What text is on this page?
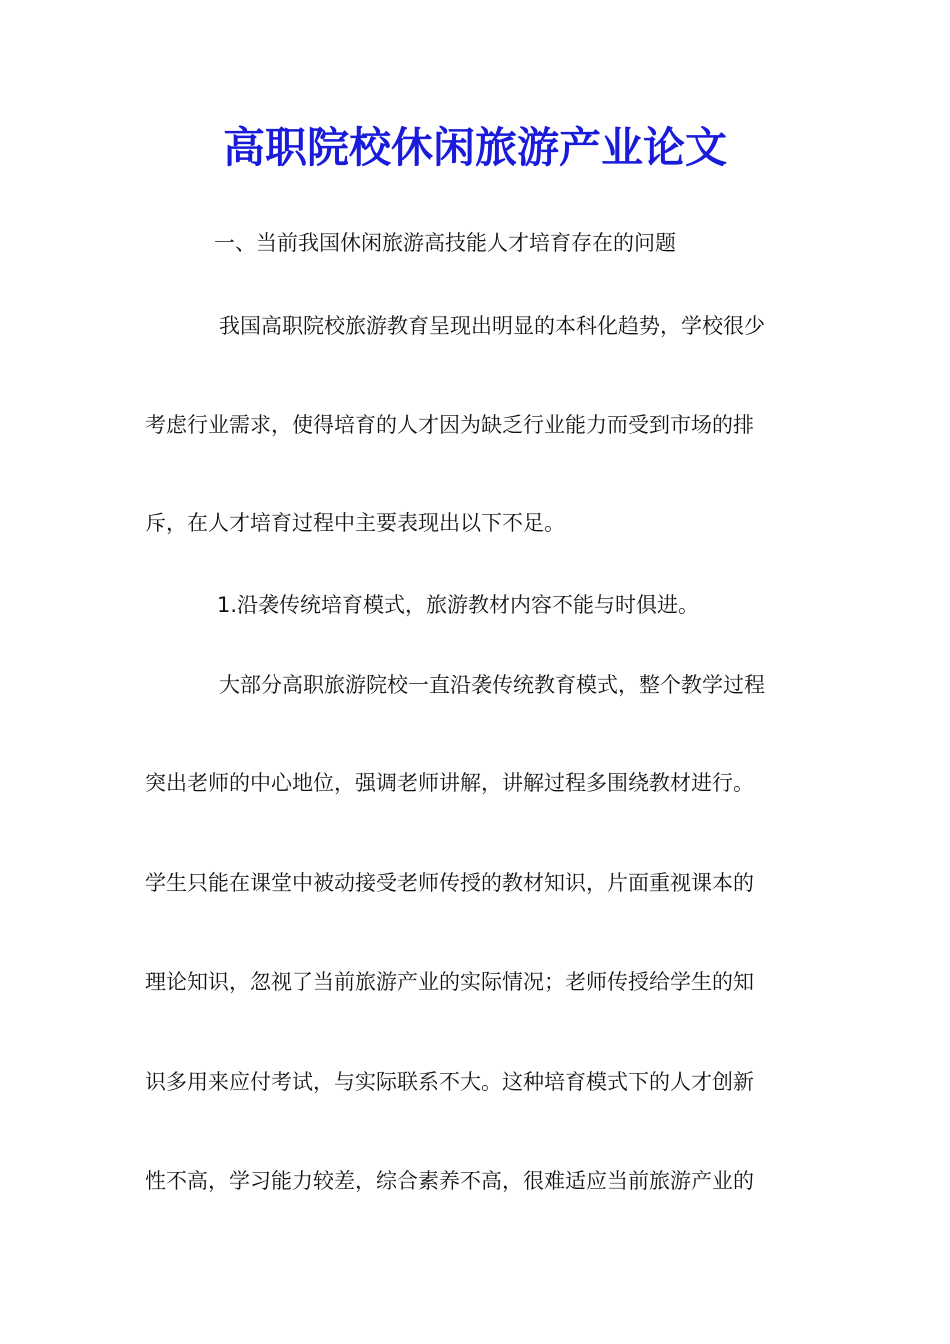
高职院校休闲旅游产业论文

一、当前我国休闲旅游高技能人才培育存在的问题

我国高职院校旅游教育呈现出明显的本科化趋势，学校很少

考虑行业需求，使得培育的人才因为缺乏行业能力而受到市场的排

斥，在人才培育过程中主要表现出以下不足。

1.沿袭传统培育模式，旅游教材内容不能与时俱进。

大部分高职旅游院校一直沿袭传统教育模式，整个教学过程

突出老师的中心地位，强调老师讲解，讲解过程多围绕教材进行。

学生只能在课堂中被动接受老师传授的教材知识，片面重视课本的

理论知识，忽视了当前旅游产业的实际情况；老师传授给学生的知

识多用来应付考试，与实际联系不大。这种培育模式下的人才创新

性不高，学习能力较差，综合素养不高，很难适应当前旅游产业的
